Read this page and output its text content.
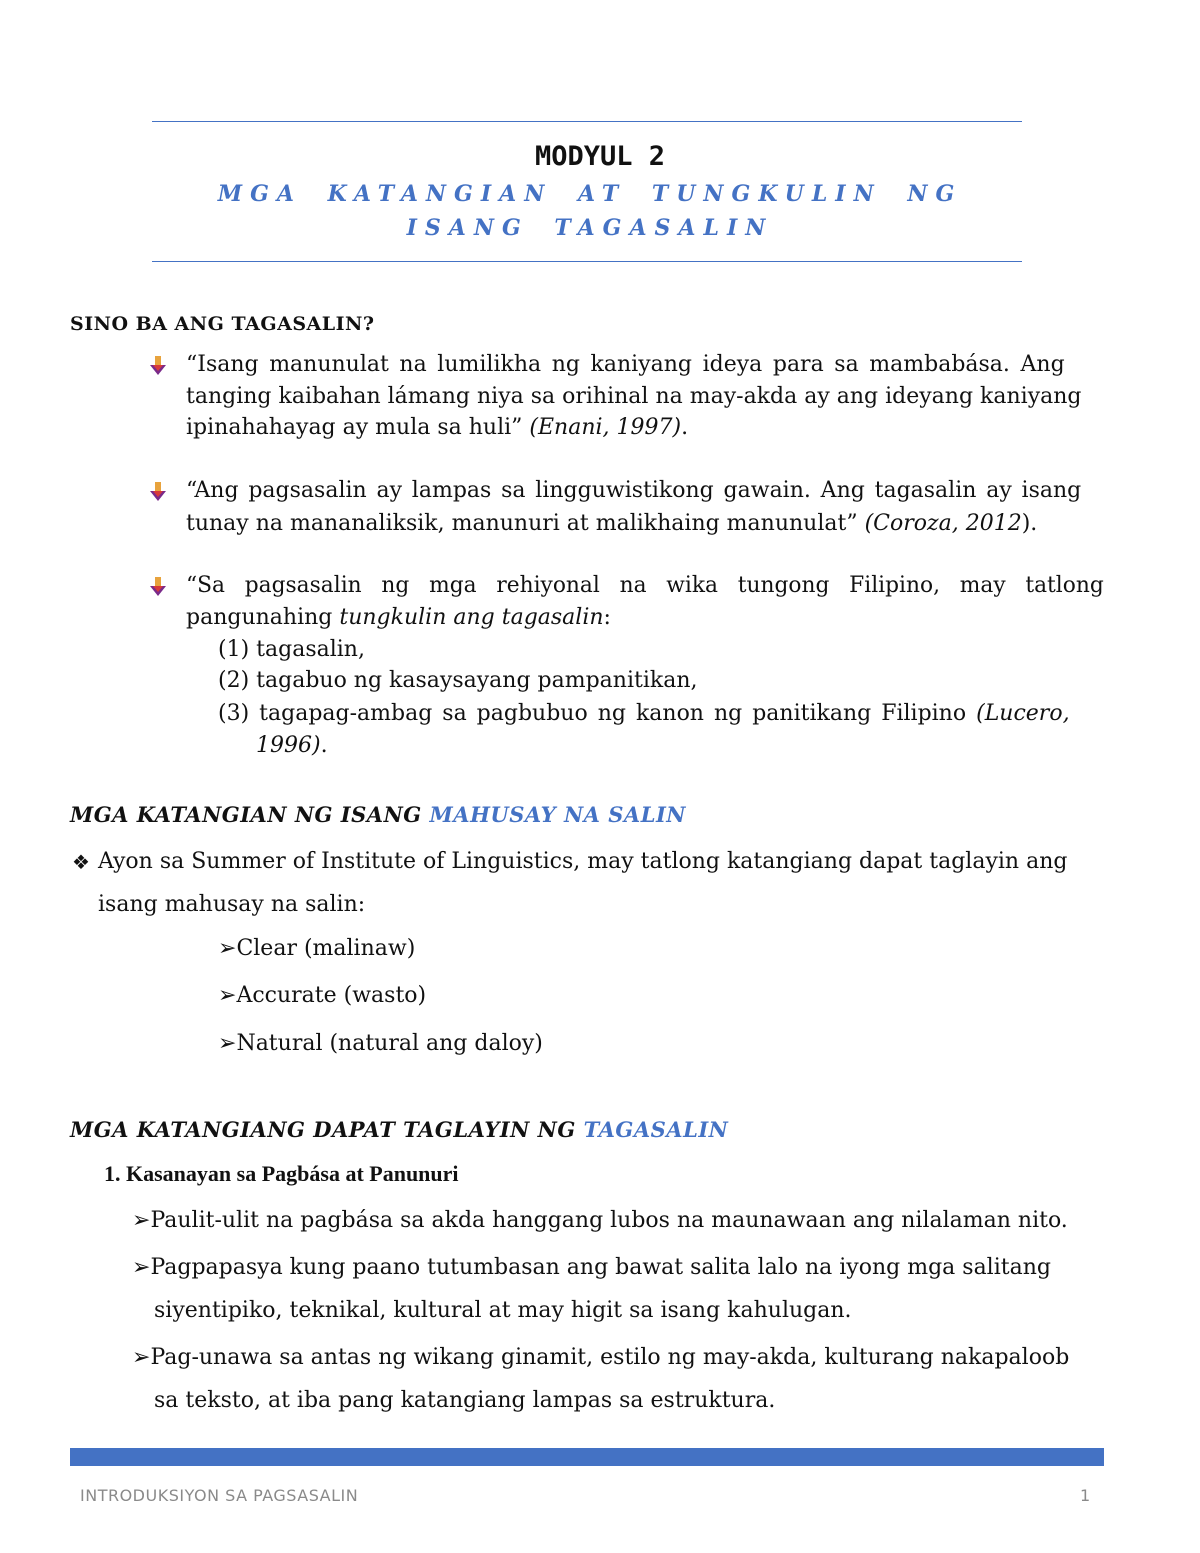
MODYUL 2
MGA KATANGIAN AT TUNGKULIN NG
ISANG TAGASALIN
SINO BA ANG TAGASALIN?
“Isang manunulat na lumilikha ng kaniyang ideya para sa mambabása. Ang
tanging kaibahan lámang niya sa orihinal na may-akda ay ang ideyang kaniyang
ipinahahayag ay mula sa huli” (Enani, 1997).
“Ang pagsasalin ay lampas sa lingguwistikong gawain. Ang tagasalin ay isang
tunay na mananaliksik, manunuri at malikhaing manunulat” (Coroza, 2012).
“Sa pagsasalin ng mga rehiyonal na wika tungong Filipino, may tatlong
pangunahing tungkulin ang tagasalin:
(1) tagasalin,
(2) tagabuo ng kasaysayang pampanitikan,
(3) tagapag-ambag sa pagbubuo ng kanon ng panitikang Filipino (Lucero,
1996).
MGA KATANGIAN NG ISANG MAHUSAY NA SALIN
❖ Ayon sa Summer of Institute of Linguistics, may tatlong katangiang dapat taglayin ang
isang mahusay na salin:
➢Clear (malinaw)
➢Accurate (wasto)
➢Natural (natural ang daloy)
MGA KATANGIANG DAPAT TAGLAYIN NG TAGASALIN
1. Kasanayan sa Pagbása at Panunuri
➢Paulit-ulit na pagbása sa akda hanggang lubos na maunawaan ang nilalaman nito.
➢Pagpapasya kung paano tutumbasan ang bawat salita lalo na iyong mga salitang
siyentipiko, teknikal, kultural at may higit sa isang kahulugan.
➢Pag-unawa sa antas ng wikang ginamit, estilo ng may-akda, kulturang nakapaloob
sa teksto, at iba pang katangiang lampas sa estruktura.
INTRODUKSIYON SA PAGSASALIN	1
